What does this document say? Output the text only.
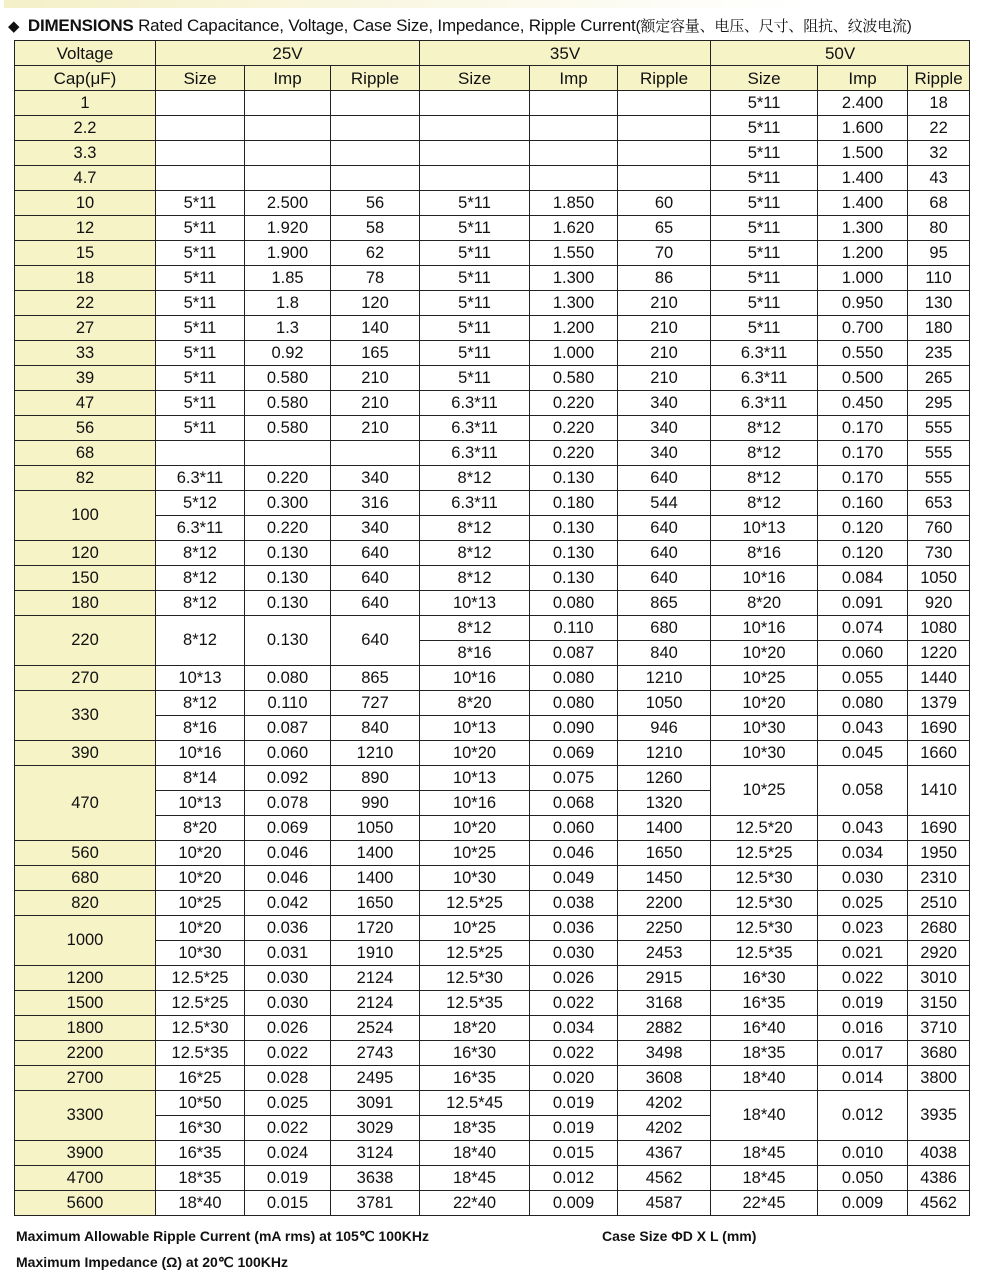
◆ DIMENSIONS Rated Capacitance, Voltage, Case Size, Impedance, Ripple Current(额定容量、电压、尺寸、阻抗、纹波电流)
Voltage	25V			35V			50V		
Cap(μF)	Size	Imp	Ripple	Size	Imp	Ripple	Size	Imp	Ripple
1							5*11	2.400	18
2.2							5*11	1.600	22
3.3							5*11	1.500	32
4.7							5*11	1.400	43
10	5*11	2.500	56	5*11	1.850	60	5*11	1.400	68
12	5*11	1.920	58	5*11	1.620	65	5*11	1.300	80
15	5*11	1.900	62	5*11	1.550	70	5*11	1.200	95
18	5*11	1.85	78	5*11	1.300	86	5*11	1.000	110
22	5*11	1.8	120	5*11	1.300	210	5*11	0.950	130
27	5*11	1.3	140	5*11	1.200	210	5*11	0.700	180
33	5*11	0.92	165	5*11	1.000	210	6.3*11	0.550	235
39	5*11	0.580	210	5*11	0.580	210	6.3*11	0.500	265
47	5*11	0.580	210	6.3*11	0.220	340	6.3*11	0.450	295
56	5*11	0.580	210	6.3*11	0.220	340	8*12	0.170	555
68				6.3*11	0.220	340	8*12	0.170	555
82	6.3*11	0.220	340	8*12	0.130	640	8*12	0.170	555
100	5*12	0.300	316	6.3*11	0.180	544	8*12	0.160	653
	6.3*11	0.220	340	8*12	0.130	640	10*13	0.120	760
120	8*12	0.130	640	8*12	0.130	640	8*16	0.120	730
150	8*12	0.130	640	8*12	0.130	640	10*16	0.084	1050
180	8*12	0.130	640	10*13	0.080	865	8*20	0.091	920
220	8*12	0.130	640	8*12	0.110	680	10*16	0.074	1080
				8*16	0.087	840	10*20	0.060	1220
270	10*13	0.080	865	10*16	0.080	1210	10*25	0.055	1440
330	8*12	0.110	727	8*20	0.080	1050	10*20	0.080	1379
	8*16	0.087	840	10*13	0.090	946	10*30	0.043	1690
390	10*16	0.060	1210	10*20	0.069	1210	10*30	0.045	1660
470	8*14	0.092	890	10*13	0.075	1260	10*25	0.058	1410
	10*13	0.078	990	10*16	0.068	1320			
	8*20	0.069	1050	10*20	0.060	1400	12.5*20	0.043	1690
560	10*20	0.046	1400	10*25	0.046	1650	12.5*25	0.034	1950
680	10*20	0.046	1400	10*30	0.049	1450	12.5*30	0.030	2310
820	10*25	0.042	1650	12.5*25	0.038	2200	12.5*30	0.025	2510
1000	10*20	0.036	1720	10*25	0.036	2250	12.5*30	0.023	2680
	10*30	0.031	1910	12.5*25	0.030	2453	12.5*35	0.021	2920
1200	12.5*25	0.030	2124	12.5*30	0.026	2915	16*30	0.022	3010
1500	12.5*25	0.030	2124	12.5*35	0.022	3168	16*35	0.019	3150
1800	12.5*30	0.026	2524	18*20	0.034	2882	16*40	0.016	3710
2200	12.5*35	0.022	2743	16*30	0.022	3498	18*35	0.017	3680
2700	16*25	0.028	2495	16*35	0.020	3608	18*40	0.014	3800
3300	10*50	0.025	3091	12.5*45	0.019	4202	18*40	0.012	3935
	16*30	0.022	3029	18*35	0.019	4202			
3900	16*35	0.024	3124	18*40	0.015	4367	18*45	0.010	4038
4700	18*35	0.019	3638	18*45	0.012	4562	18*45	0.050	4386
5600	18*40	0.015	3781	22*40	0.009	4587	22*45	0.009	4562
Maximum Allowable Ripple Current (mA rms) at 105℃ 100KHz
Maximum Impedance (Ω) at 20℃ 100KHz
Case Size ΦD X L (mm)
